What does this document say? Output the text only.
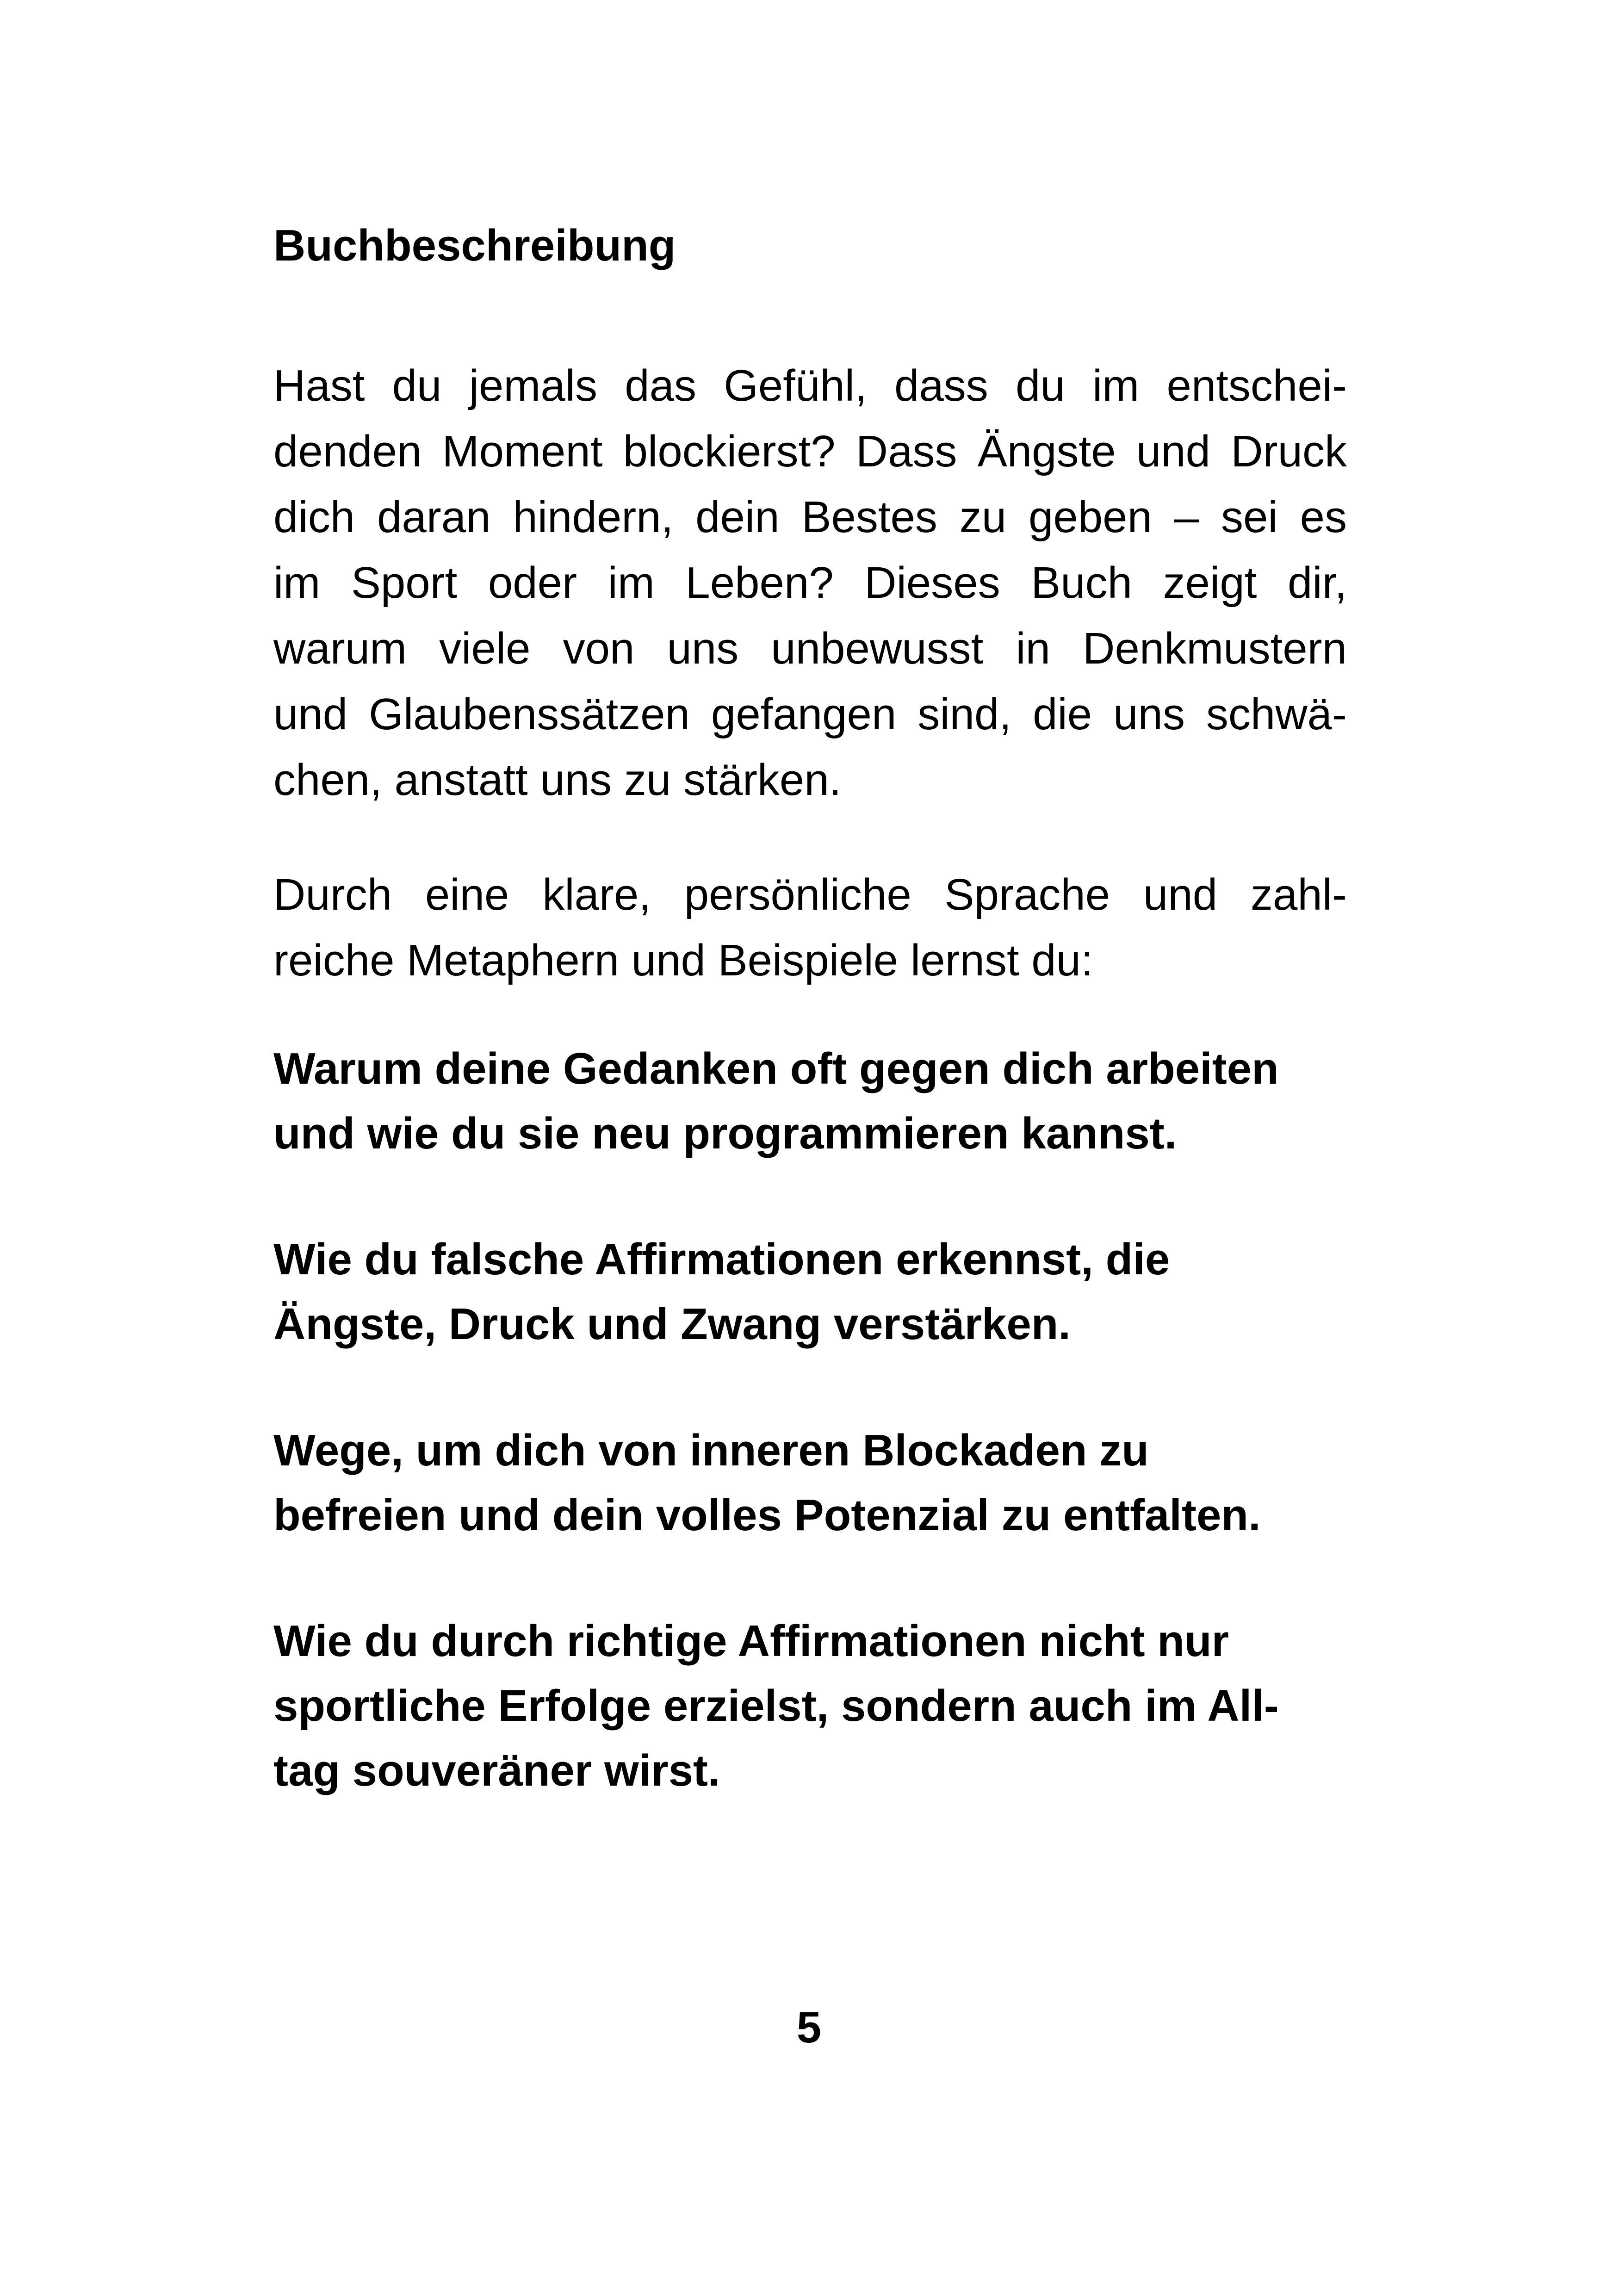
Buchbeschreibung
Hast du jemals das Gefühl, dass du im entschei-
denden Moment blockierst? Dass Ängste und Druck
dich daran hindern, dein Bestes zu geben – sei es
im Sport oder im Leben? Dieses Buch zeigt dir,
warum viele von uns unbewusst in Denkmustern
und Glaubenssätzen gefangen sind, die uns schwä-
chen, anstatt uns zu stärken.
Durch eine klare, persönliche Sprache und zahl-
reiche Metaphern und Beispiele lernst du:
Warum deine Gedanken oft gegen dich arbeiten
und wie du sie neu programmieren kannst.
Wie du falsche Affirmationen erkennst, die
Ängste, Druck und Zwang verstärken.
Wege, um dich von inneren Blockaden zu
befreien und dein volles Potenzial zu entfalten.
Wie du durch richtige Affirmationen nicht nur
sportliche Erfolge erzielst, sondern auch im All-
tag souveräner wirst.

5
